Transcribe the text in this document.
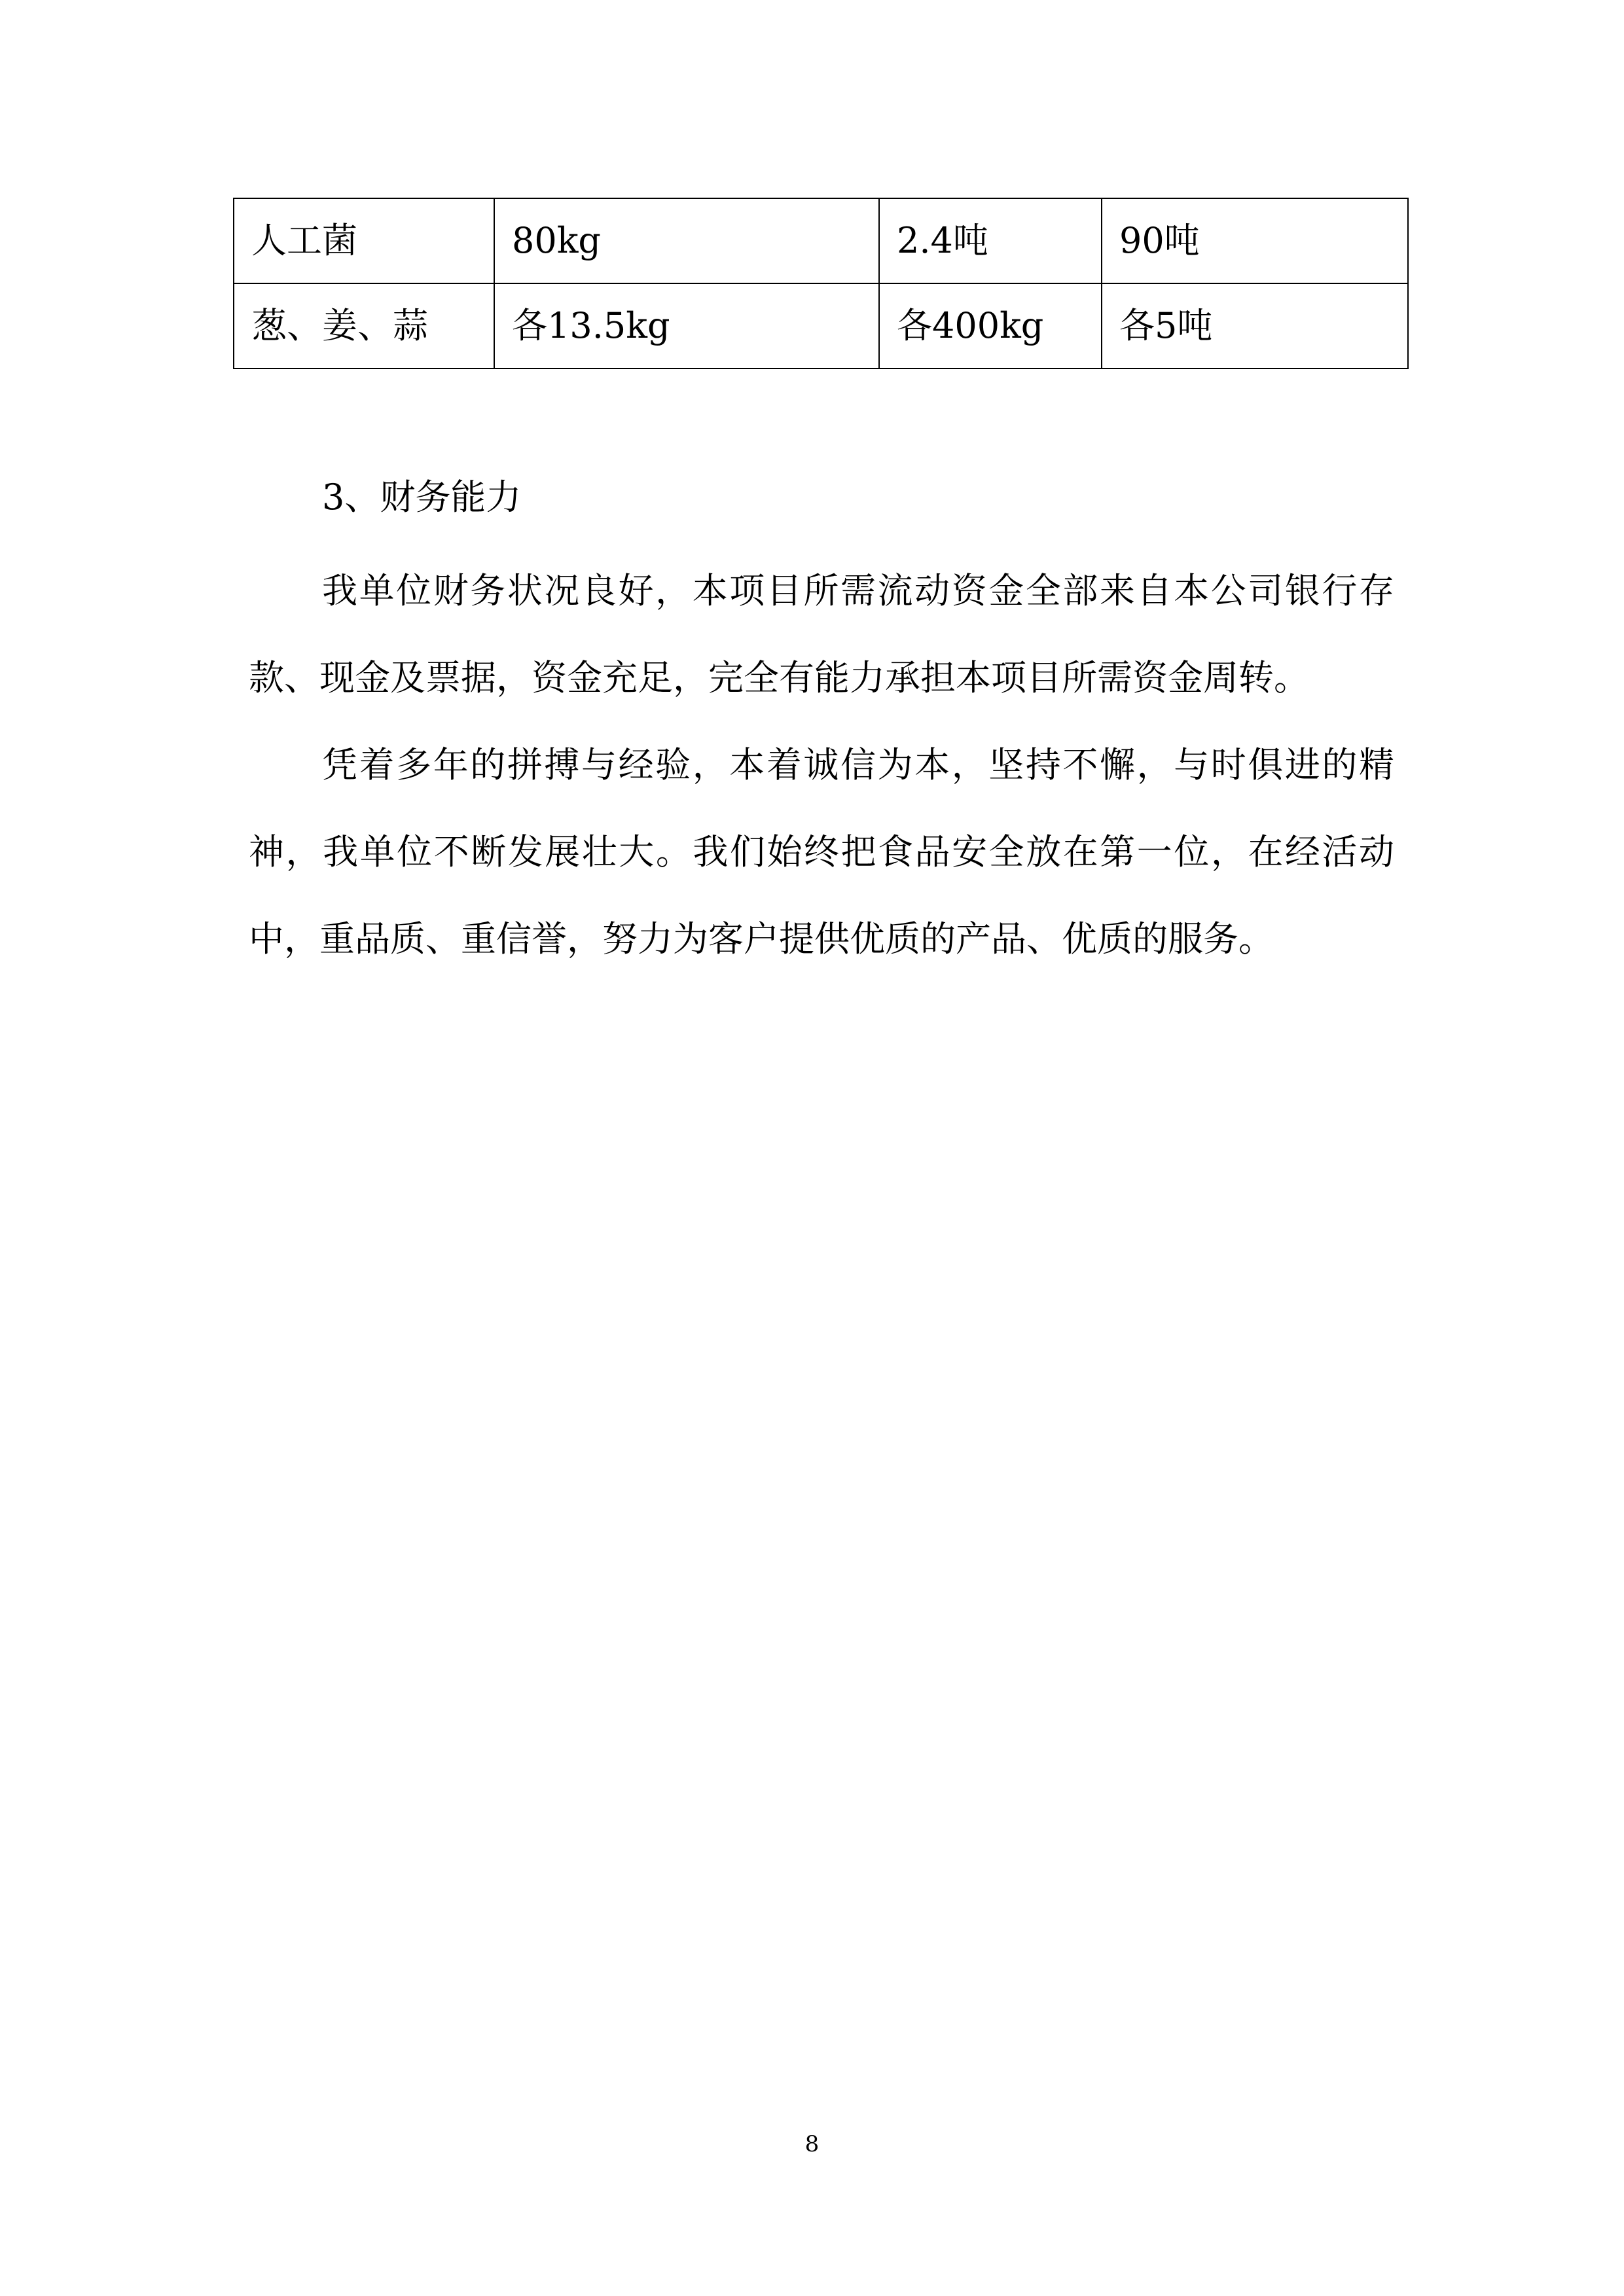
人工菌	80kg	2.4吨	90吨
葱、姜、蒜	各13.5kg	各400kg	各5吨

3、财务能力

我单位财务状况良好，本项目所需流动资金全部来自本公司银行存款、现金及票据，资金充足，完全有能力承担本项目所需资金周转。

凭着多年的拼搏与经验，本着诚信为本，坚持不懈，与时俱进的精神，我单位不断发展壮大。我们始终把食品安全放在第一位，在经活动中，重品质、重信誉，努力为客户提供优质的产品、优质的服务。

8
